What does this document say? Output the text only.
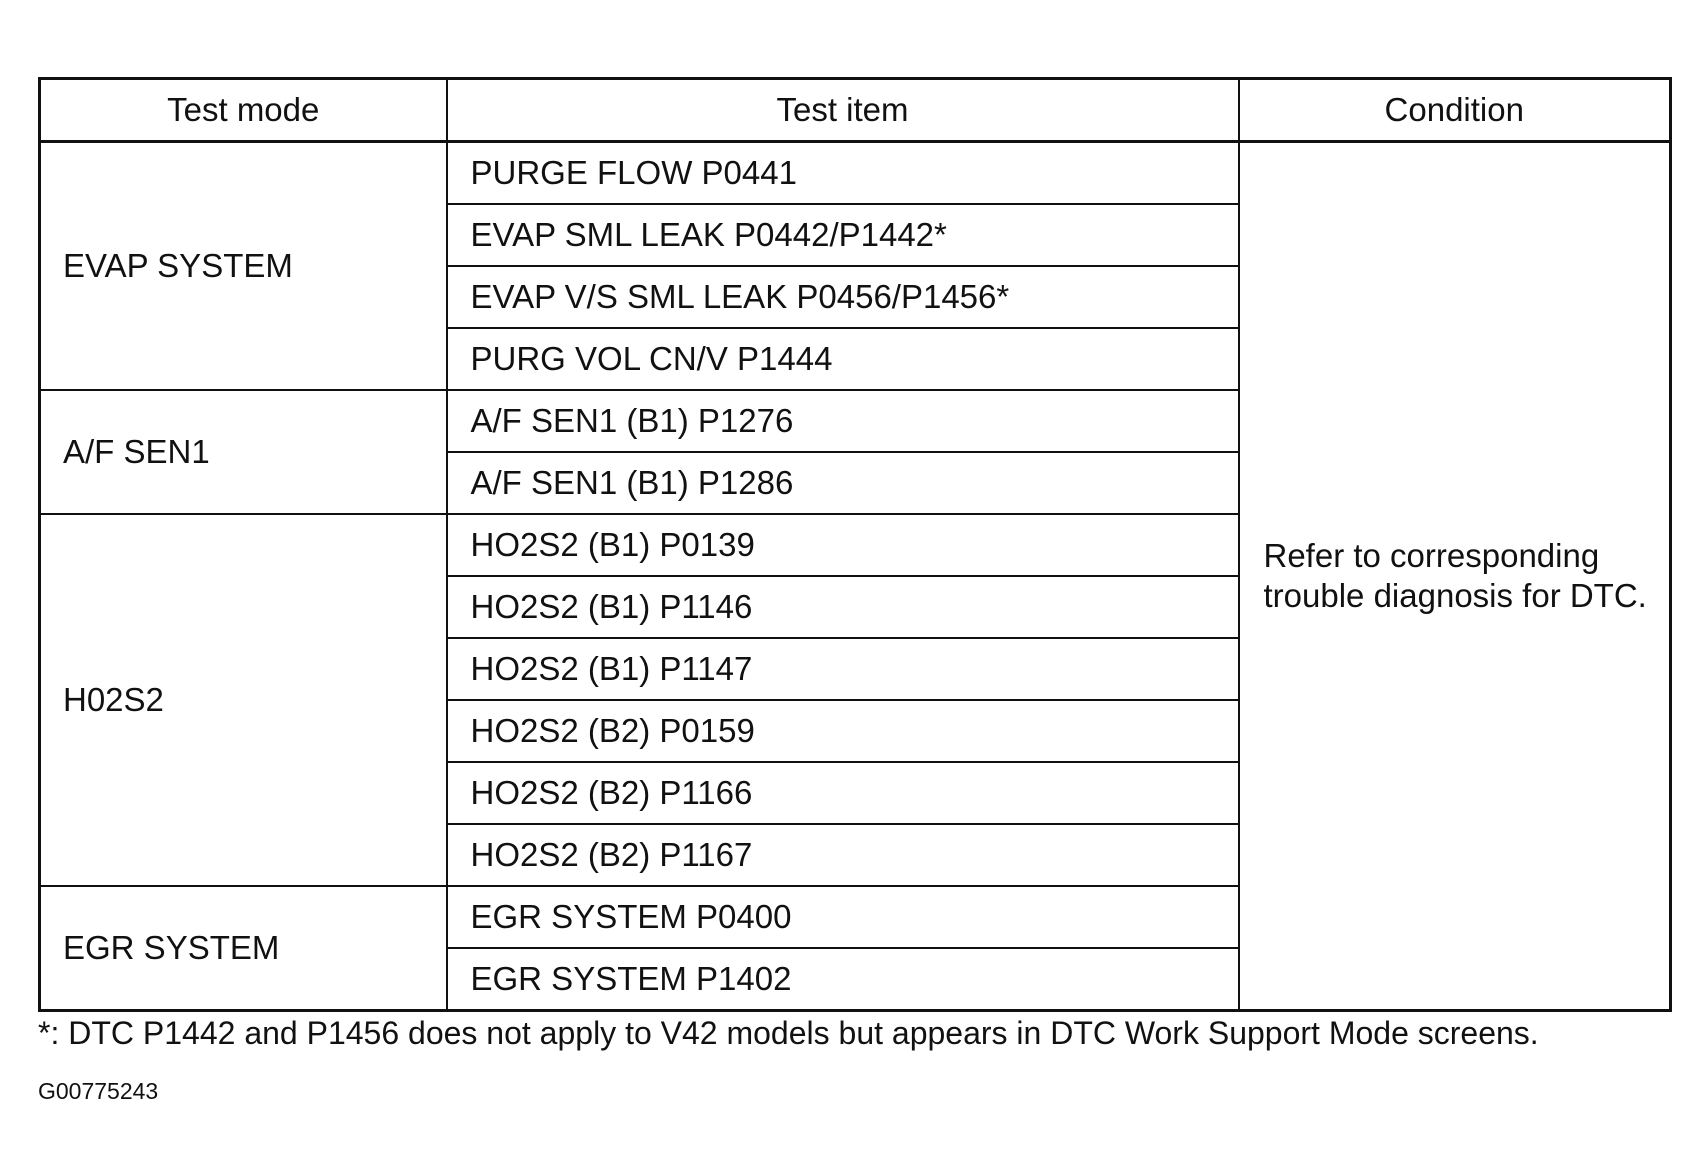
Test mode	Test item	Condition
EVAP SYSTEM	PURGE FLOW P0441	Refer to corresponding trouble diagnosis for DTC.
	EVAP SML LEAK P0442/P1442*	
	EVAP V/S SML LEAK P0456/P1456*	
	PURG VOL CN/V P1444	
A/F SEN1	A/F SEN1 (B1) P1276	
	A/F SEN1 (B1) P1286	
H02S2	HO2S2 (B1) P0139	
	HO2S2 (B1) P1146	
	HO2S2 (B1) P1147	
	HO2S2 (B2) P0159	
	HO2S2 (B2) P1166	
	HO2S2 (B2) P1167	
EGR SYSTEM	EGR SYSTEM P0400	
	EGR SYSTEM P1402	
*: DTC P1442 and P1456 does not apply to V42 models but appears in DTC Work Support Mode screens.
G00775243
